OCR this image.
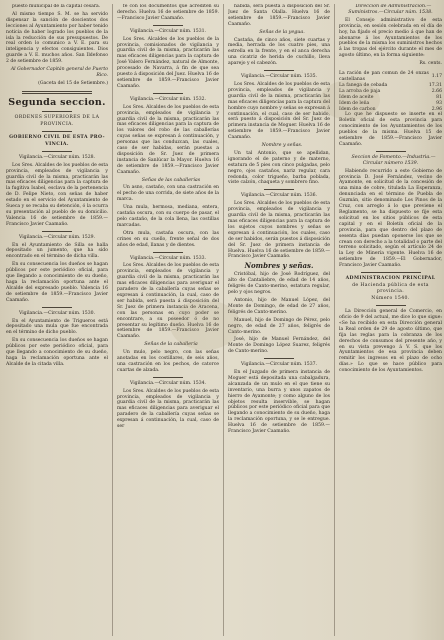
puesto municipal de la capital cesará.

Al mismo tiempo S. M. se ha servido dispensar la sanción de doscientos dos lecciones al Ayuntamiento por haber tenido noticia de haber logrado los pueblos de la isla la reducción de sus presupuestos. De real orden lo comunico a V. E. para su inteligencia y efectos consiguientes. Dios guarde a V. E. muchos años. San Ildefonso 2 de setiembre de 1859.

Al Gobernador Capitán general de Puerto Rico.

(Gaceta del 15 de Setiembre.)

Segunda seccion.
ORDENES SUPERIORES DE LA
PROVINCIA.
GOBIERNO CIVIL DE ESTA PRO-
VINCIA.

Vigilancia.—Circular núm. 1528.

Los Sres. Alcaldes de los pueblos de esta provincia, empleados de vigilancia y guardia civil de la misma, practicarán las mas eficaces diligencias para la captura de la fugitiva Isabel, esclava de la pertenencia de D. Felipe Nieto, con señas de haber estado en el servicio del Ayuntamiento de Sueca y se recaba su detención, ó la ocurra su presentación al pueblo de su domicilio. Valencia 16 de setiembre de 1859.—Francisco Javier Caamaño.

Vigilancia.—Circular núm. 1529.

En el Ayuntamiento de Silla se halla depositado un jumento, que ha sido encontrado en el término de dicha villa.

En su consecuencia los dueños se hagan públicos por este periódico oficial, para que llegando a conocimiento de su dueño, haga la reclamación oportuna ante el Alcalde del expresado pueblo. Valencia 16 de setiembre de 1859.—Francisco Javier Caamaño.

Vigilancia.—Circular núm. 1530.

En el Ayuntamiento de Trigueros está depositado una mula que fue encontrada en el término de dicho pueblo.

En su consecuencia los dueños se hagan públicos por este periódico oficial, para que llegando a conocimiento de su dueño, haga la reclamación oportuna ante el Alcalde de la citada villa.

fe con los documentos que acrediten su derecho. Huelva 16 de setiembre de 1859.—Francisco Javier Caamaño.

Vigilancia.—Circular núm. 1531.

Los Sres. Alcaldes de los pueblos de la provincia, comisionados de vigilancia y guardia civil de la misma, practicarán las mas eficaces diligencias para la captura de José Valero Fernández, natural de Almonte, procesado de Navarra, á fin de que sea puesto á disposición del Juez. Huelva 16 de setiembre de 1859.—Francisco Javier Caamaño.

Vigilancia.—Circular núm. 1532.

Los Sres. Alcaldes de los pueblos de esta provincia, empleados de vigilancia y guardia civil de la misma, practicarán las mas eficaces diligencias para la captura de los valores del robo de las caballerías cuyas señas se expresan á continuación, y personas que las conduzcan, las cuales, caso de ser habidas, serán puestas a disposición de Sr. Juez de primera instancia de Sanlúcar la Mayor. Huelva 16 de setiembre de 1859.—Francisco Javier Caamaño.

Señas de las caballerías

Un asno, castaño, con una castración en el pecho de una corrida, de siete años de la marca.

Una mula, hermosa, mediana, entera, castaña oscura, con su cuerpo de pasar, el pelo castaño, de la cola llena, las costillas marcadas.

Otra mula, castaña oscura, con las crines en su cuello, frente señal de dos años de edad, llanas y de dientes.

Vigilancia.—Circular núm. 1533.

Los Sres. Alcaldes de los pueblos de esta provincia, empleados de vigilancia y guardia civil de la misma, practicarán las mas eficaces diligencias para averiguar el paradero de la caballería cuyas señas se expresan á continuación, la cual, caso de ser habida, será puesta á disposición del Sr. Juez de primera instancia de Aracena, con las personas en cuyo poder se encontrare, a su poseedor ó de no presentar su legítimo dueño. Huelva 16 de setiembre de 1859.—Francisco Javier Caamaño.

Señas de la caballería

Un mulo, pelo negro, con las señas anotadas en los costillares, de seis años, una castración en los pechos, de catorce cuartas de alzada.

Vigilancia.—Circular núm. 1534.

Los Sres. Alcaldes de los pueblos de esta provincia, empleados de vigilancia y guardia civil de la misma, practicarán las mas eficaces diligencias para averiguar el paradero de la caballería cuyas señas se expresan á continuación, la cual, caso de ser

habida, será puesta á disposición del Sr. Juez de Santa Olalla. Huelva 16 de setiembre de 1859.—Francisco Javier Caamaño.

Señas de la yegua.

Castaña, de cinco años, siete cuartas y media, herrada de los cuatro pies, una estrella en la frente, y en el anca derecha una cicatriz de herida de cuchillo, lleva aparejo y el cabezón.

Vigilancia.—Circular núm. 1535.

Los Sres. Alcaldes de los pueblos de esta provincia, empleados de vigilancia y guardia civil de la misma, practicarán las mas eficaces diligencias para la captura del hombre cuyo nombre y señas se expresan á continuación, el cual, caso de ser habido, será puesto á disposición del Sr. Juez de primera instancia de Moguer. Huelva 16 de setiembre de 1859.—Francisco Javier Caamaño.

Nombre y señas.

Un tal Antonio, que se apellidan, ignorando el de paterno y de materno, estatura de 5 pies con cinco pulgadas, pelo negro, ojos castaños, nariz regular, cara redonda, color trigueño, barba poblada, viste calzón, chaqueta y sombrero fino.

Vigilancia.—Circular núm. 1536.

Los Sres. Alcaldes de los pueblos de esta provincia, empleados de vigilancia y guardia civil de la misma, practicarán las mas eficaces diligencias para la captura de los sujetos cuyos nombres y señas se expresan á continuación, los cuales, caso de ser habidos, serán puestos á disposición del Sr. Juez de primera instancia de Huelva. Huelva 16 de setiembre de 1859.—Francisco Javier Caamaño.

Nombres y señas.

Cristóbal, hijo de José Rodríguez, del alto de Cantaliebre, de edad de 14 años, feligrés de Canto-merino, estatura regular, pelo y ojos negros.

Antonio, hijo de Manuel López, del Monte de Domingo, de edad de 27 años, feligrés de Canto-merino.

Manuel, hijo de Domingo de Pérez, pelo negro, de edad de 27 años, feligrés de Canto-merino.

José, hijo de Manuel Fernández, del Monte de Domingo López Suarez, feligrés de Canto-merino.

Vigilancia.—Circular núm. 1537.

En el Juzgado de primera instancia de Moguer está depositada una cabalgadura, alcanzada de un mulo en el que tiene su inventario, una burra y unos zapatos de hierro de Ayamonte; y como alguno de los objetos resulta inservible, se hagan públicos por este periódico oficial para que llegando a conocimiento de su dueño, haga la reclamación oportuna, y se le entregue. Huelva 16 de setiembre de 1859.—Francisco Javier Caamaño.

Direccion de Administracion.—Suministros.—Circular núm. 1538.

El Consejo administrativo de esta provincia, en sesión celebrada en el día de hoy, ha fijado el precio medio á que han de abonarse á los Ayuntamientos de los pueblos de la misma los suministros hechos á las tropas del ejército durante el mes de agosto último, en la forma siguiente:

Rs. cents.

La ración de pan comun de 24 onzas castellanas	1.17
La fanega de cebada	17.31
La arroba de paja	2.66
Idem de aceite	81
Idem de leña	93
Idem de carbon	2.96

Lo que he dispuesto se inserte en el Boletín oficial de esta provincia para conocimiento de los Ayuntamientos de los pueblos de la misma. Huelva 15 de setiembre de 1859.—Francisco Javier Caamaño.

Seccion de Fomento.—Industria.—Circular número 1539.

Habiendo recurrido a este Gobierno de provincia D. José Fernández, vecino de Ayamonte, en solicitud de la concesión de una mina de cobre, titulada La Esperanza, denunciada en el término de Puebla de Guzmán, sitio denominado Los Pinos de la Cruz, con arreglo á lo que previene el Reglamento, se ha dispuesto se fije esta solicitud en los sitios públicos de esta capital y en el Boletín oficial de la provincia, para que dentro del plazo de sesenta días puedan oponerse los que se crean con derecho a la totalidad o parte del terreno solicitado, según el artículo 24 de la Ley de Minería vigente. Huelva 16 de setiembre de 1859.—El Gobernador, Francisco Javier Caamaño.

ADMINISTRACION PRINCIPAL
de Hacienda pública de esta provincia.
Número 1540.

La Dirección general de Comercio, en oficio de 9 del actual, me dice lo que sigue: «Se ha recibido en esta Dirección general la Real orden de 29 de agosto último, que fija las reglas para la cobranza de los derechos de consumos del presente año, y en su vista prevengo á V. S. que los Ayuntamientos de esa provincia deben remitir los ingresos en el plazo de ocho días.» Lo que se hace público para conocimiento de los Ayuntamientos.
